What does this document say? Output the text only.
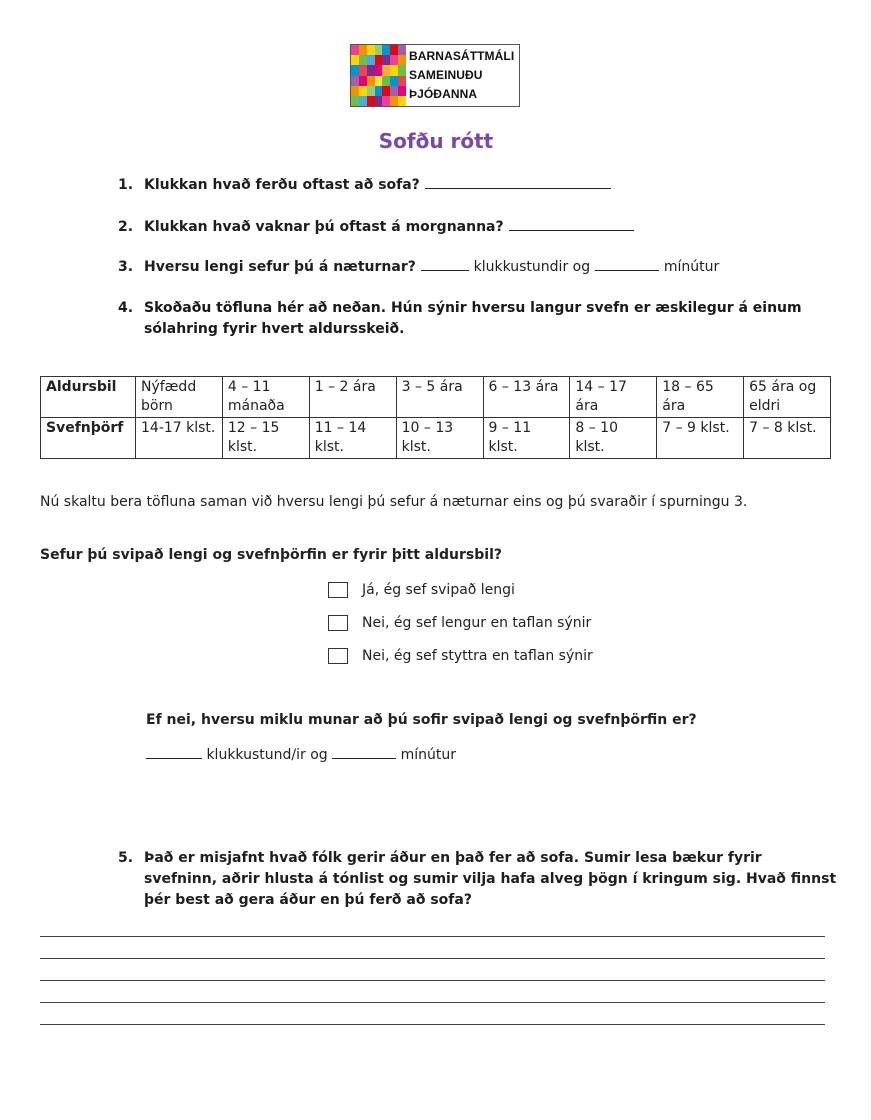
BARNASÁTTMÁLI
SAMEINUÐU
ÞJÓÐANNA
Sofðu rótt
1. Klukkan hvað ferðu oftast að sofa?
2. Klukkan hvað vaknar þú oftast á morgnanna?
3. Hversu lengi sefur þú á næturnar?	klukkustundir og	mínútur
4. Skoðaðu töfluna hér að neðan. Hún sýnir hversu langur svefn er æskilegur á einum sólahring fyrir hvert aldursskeið.
Aldursbil	Nýfædd börn	4 – 11 mánaða	1 – 2 ára	3 – 5 ára	6 – 13 ára	14 – 17 ára	18 – 65 ára	65 ára og eldri
Svefnþörf	14-17 klst.	12 – 15 klst.	11 – 14 klst.	10 – 13 klst.	9 – 11 klst.	8 – 10 klst.	7 – 9 klst.	7 – 8 klst.
Nú skaltu bera töfluna saman við hversu lengi þú sefur á næturnar eins og þú svaraðir í spurningu 3.
Sefur þú svipað lengi og svefnþörfin er fyrir þitt aldursbil?
Já, ég sef svipað lengi
Nei, ég sef lengur en taflan sýnir
Nei, ég sef styttra en taflan sýnir
Ef nei, hversu miklu munar að þú sofir svipað lengi og svefnþörfin er?
klukkustund/ir og	mínútur
5. Það er misjafnt hvað fólk gerir áður en það fer að sofa. Sumir lesa bækur fyrir svefninn, aðrir hlusta á tónlist og sumir vilja hafa alveg þögn í kringum sig. Hvað finnst þér best að gera áður en þú ferð að sofa?
